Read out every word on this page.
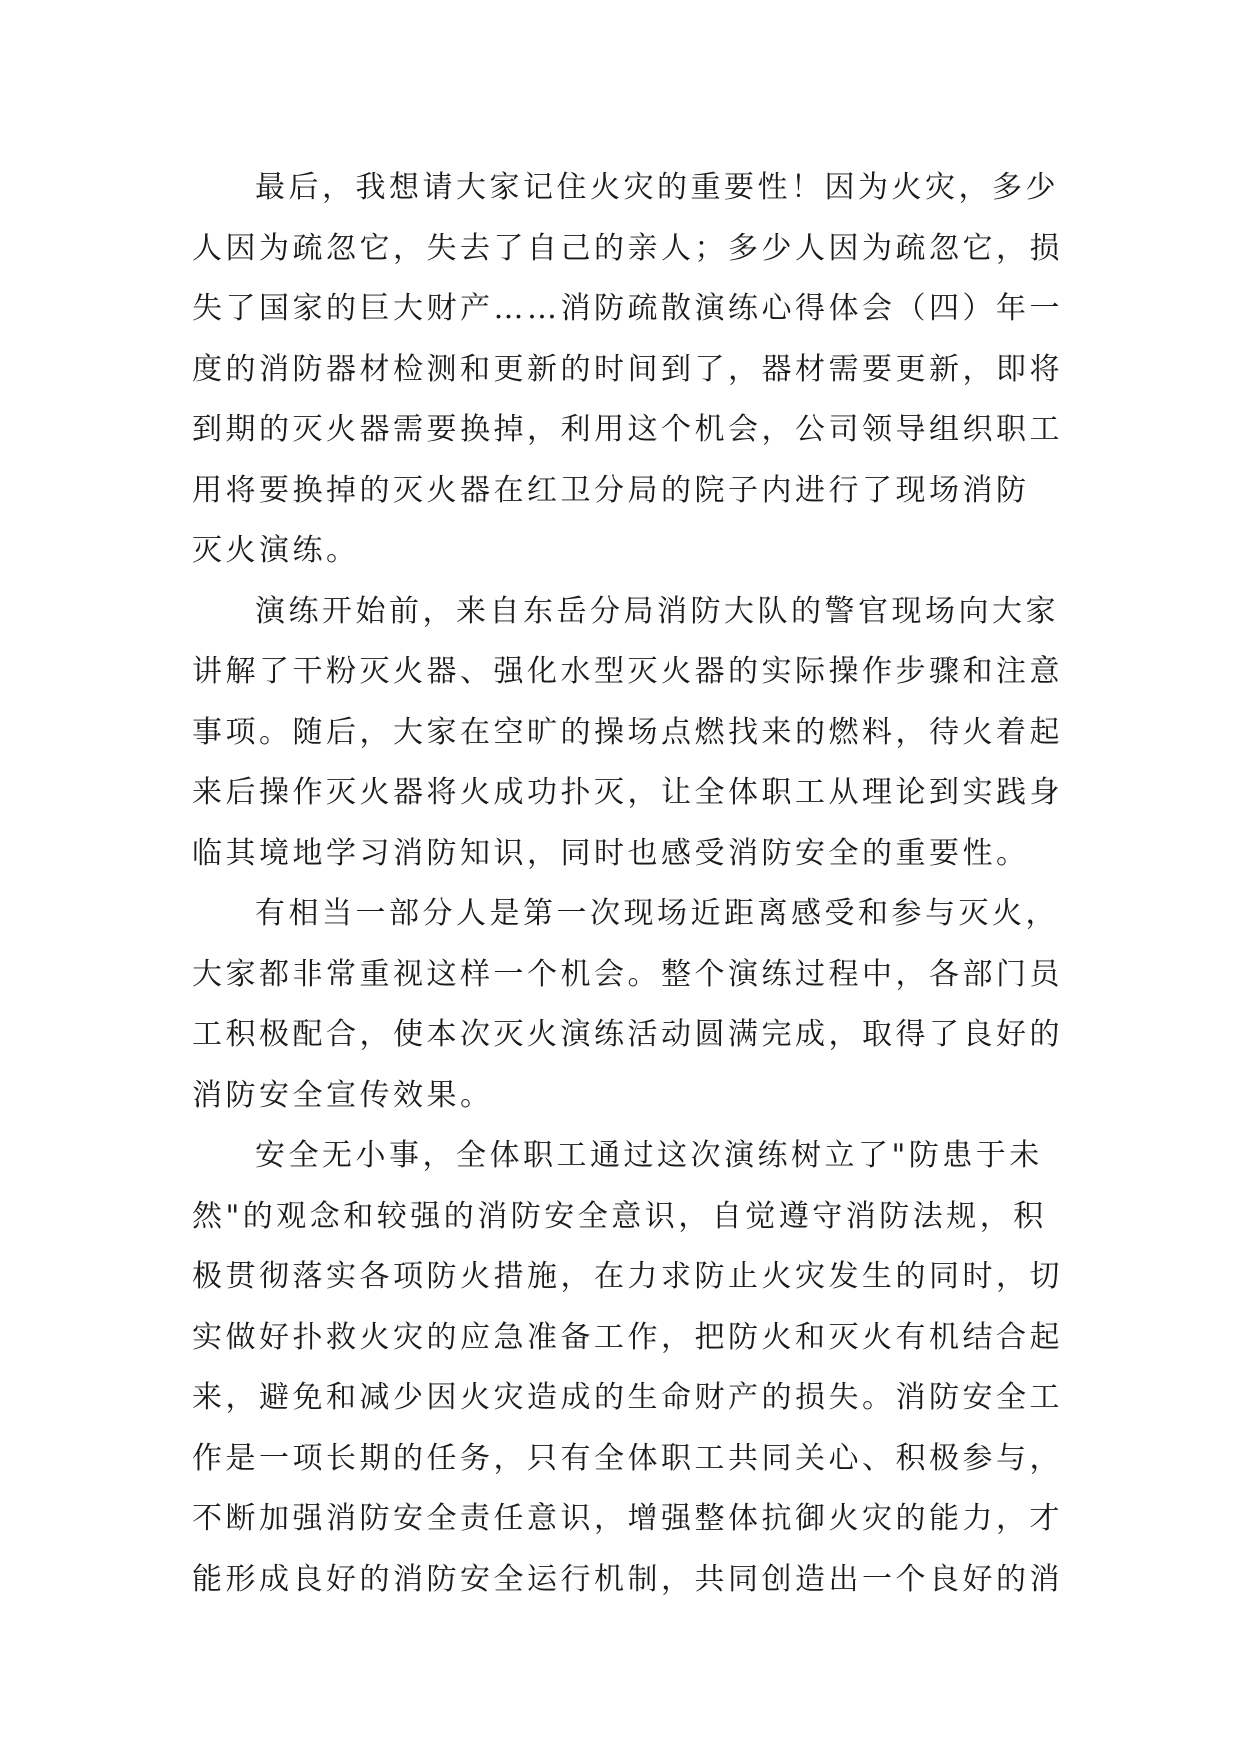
最后，我想请大家记住火灾的重要性！因为火灾，多少
人因为疏忽它，失去了自己的亲人；多少人因为疏忽它，损
失了国家的巨大财产……消防疏散演练心得体会（四）年一
度的消防器材检测和更新的时间到了，器材需要更新，即将
到期的灭火器需要换掉，利用这个机会，公司领导组织职工
用将要换掉的灭火器在红卫分局的院子内进行了现场消防
灭火演练。
演练开始前，来自东岳分局消防大队的警官现场向大家
讲解了干粉灭火器、强化水型灭火器的实际操作步骤和注意
事项。随后，大家在空旷的操场点燃找来的燃料，待火着起
来后操作灭火器将火成功扑灭，让全体职工从理论到实践身
临其境地学习消防知识，同时也感受消防安全的重要性。
有相当一部分人是第一次现场近距离感受和参与灭火，
大家都非常重视这样一个机会。整个演练过程中，各部门员
工积极配合，使本次灭火演练活动圆满完成，取得了良好的
消防安全宣传效果。
安全无小事，全体职工通过这次演练树立了"防患于未
然"的观念和较强的消防安全意识，自觉遵守消防法规，积
极贯彻落实各项防火措施，在力求防止火灾发生的同时，切
实做好扑救火灾的应急准备工作，把防火和灭火有机结合起
来，避免和减少因火灾造成的生命财产的损失。消防安全工
作是一项长期的任务，只有全体职工共同关心、积极参与，
不断加强消防安全责任意识，增强整体抗御火灾的能力，才
能形成良好的消防安全运行机制，共同创造出一个良好的消
